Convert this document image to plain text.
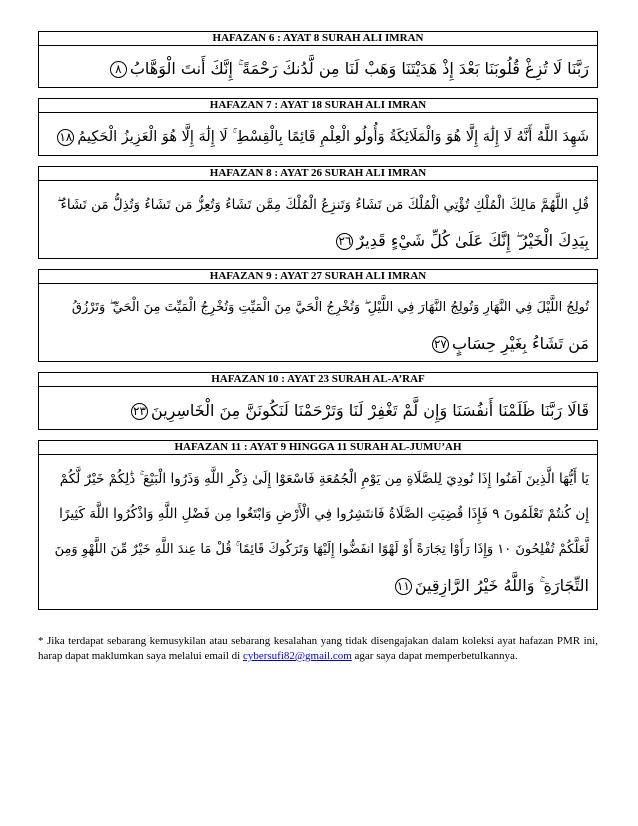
HAFAZAN 6 : AYAT 8 SURAH ALI IMRAN
رَبَّنَا لَا تُزِغْ قُلُوبَنَا بَعْدَ إِذْ هَدَيْتَنَا وَهَبْ لَنَا مِن لَّدُنكَ رَحْمَةً ۚ إِنَّكَ أَنتَ الْوَهَّابُ٨
HAFAZAN 7 : AYAT 18 SURAH ALI IMRAN
شَهِدَ اللَّهُ أَنَّهُ لَا إِلَٰهَ إِلَّا هُوَ وَالْمَلَائِكَةُ وَأُولُو الْعِلْمِ قَائِمًا بِالْقِسْطِ ۚ لَا إِلَٰهَ إِلَّا هُوَ الْعَزِيزُ الْحَكِيمُ١٨
HAFAZAN 8 : AYAT 26 SURAH ALI IMRAN
قُلِ اللَّهُمَّ مَالِكَ الْمُلْكِ تُؤْتِي الْمُلْكَ مَن تَشَاءُ وَتَنزِعُ الْمُلْكَ مِمَّن تَشَاءُ وَتُعِزُّ مَن تَشَاءُ وَتُذِلُّ مَن تَشَاءُ ۖ
بِيَدِكَ الْخَيْرُ ۖ إِنَّكَ عَلَىٰ كُلِّ شَيْءٍ قَدِيرٌ٢٦
HAFAZAN 9 : AYAT 27 SURAH ALI IMRAN
تُولِجُ اللَّيْلَ فِي النَّهَارِ وَتُولِجُ النَّهَارَ فِي اللَّيْلِ ۖ وَتُخْرِجُ الْحَيَّ مِنَ الْمَيِّتِ وَتُخْرِجُ الْمَيِّتَ مِنَ الْحَيِّ ۖ وَتَرْزُقُ
مَن تَشَاءُ بِغَيْرِ حِسَابٍ٢٧
HAFAZAN 10 : AYAT 23 SURAH AL-A’RAF
قَالَا رَبَّنَا ظَلَمْنَا أَنفُسَنَا وَإِن لَّمْ تَغْفِرْ لَنَا وَتَرْحَمْنَا لَنَكُونَنَّ مِنَ الْخَاسِرِينَ٢٣
HAFAZAN 11 : AYAT 9 HINGGA 11 SURAH AL-JUMU’AH
يَا أَيُّهَا الَّذِينَ آمَنُوا إِذَا نُودِيَ لِلصَّلَاةِ مِن يَوْمِ الْجُمُعَةِ فَاسْعَوْا إِلَىٰ ذِكْرِ اللَّهِ وَذَرُوا الْبَيْعَ ۚ ذَٰلِكُمْ خَيْرٌ لَّكُمْ
إِن كُنتُمْ تَعْلَمُونَ ٩ فَإِذَا قُضِيَتِ الصَّلَاةُ فَانتَشِرُوا فِي الْأَرْضِ وَابْتَغُوا مِن فَضْلِ اللَّهِ وَاذْكُرُوا اللَّهَ كَثِيرًا
لَّعَلَّكُمْ تُفْلِحُونَ ١٠ وَإِذَا رَأَوْا تِجَارَةً أَوْ لَهْوًا انفَضُّوا إِلَيْهَا وَتَرَكُوكَ قَائِمًا ۚ قُلْ مَا عِندَ اللَّهِ خَيْرٌ مِّنَ اللَّهْوِ وَمِنَ
التِّجَارَةِ ۚ وَاللَّهُ خَيْرُ الرَّازِقِينَ١١
* Jika terdapat sebarang kemusykilan atau sebarang kesalahan yang tidak disengajakan dalam koleksi ayat hafazan PMR ini, harap dapat maklumkan saya melalui email di cybersufi82@gmail.com agar saya dapat memperbetulkannya.
